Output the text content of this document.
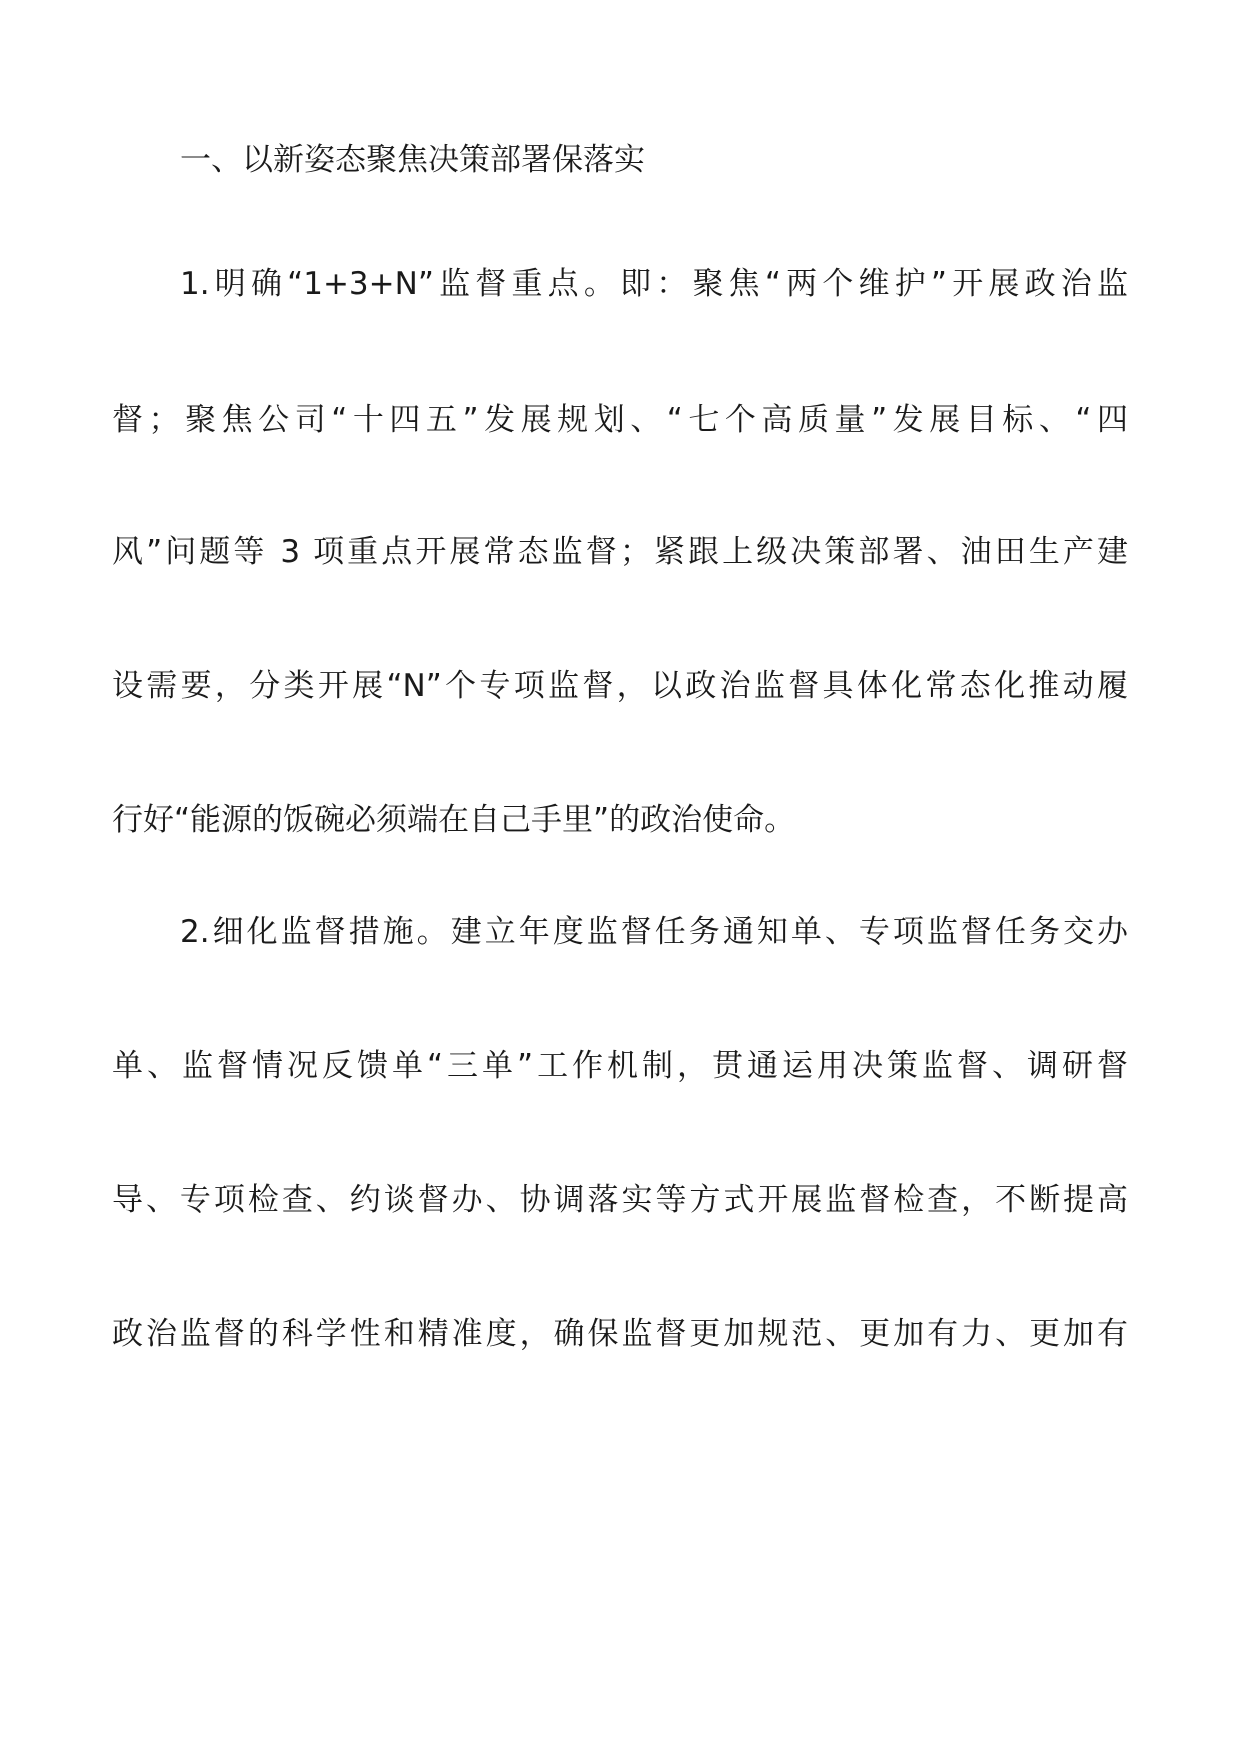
一、以新姿态聚焦决策部署保落实
1.明确“1+3+N”监督重点。即：聚焦“两个维护”开展政治监
督；聚焦公司“十四五”发展规划、“七个高质量”发展目标、“四
风”问题等 3 项重点开展常态监督；紧跟上级决策部署、油田生产建
设需要，分类开展“N”个专项监督，以政治监督具体化常态化推动履
行好“能源的饭碗必须端在自己手里”的政治使命。
2.细化监督措施。建立年度监督任务通知单、专项监督任务交办
单、监督情况反馈单“三单”工作机制，贯通运用决策监督、调研督
导、专项检查、约谈督办、协调落实等方式开展监督检查，不断提高
政治监督的科学性和精准度，确保监督更加规范、更加有力、更加有
